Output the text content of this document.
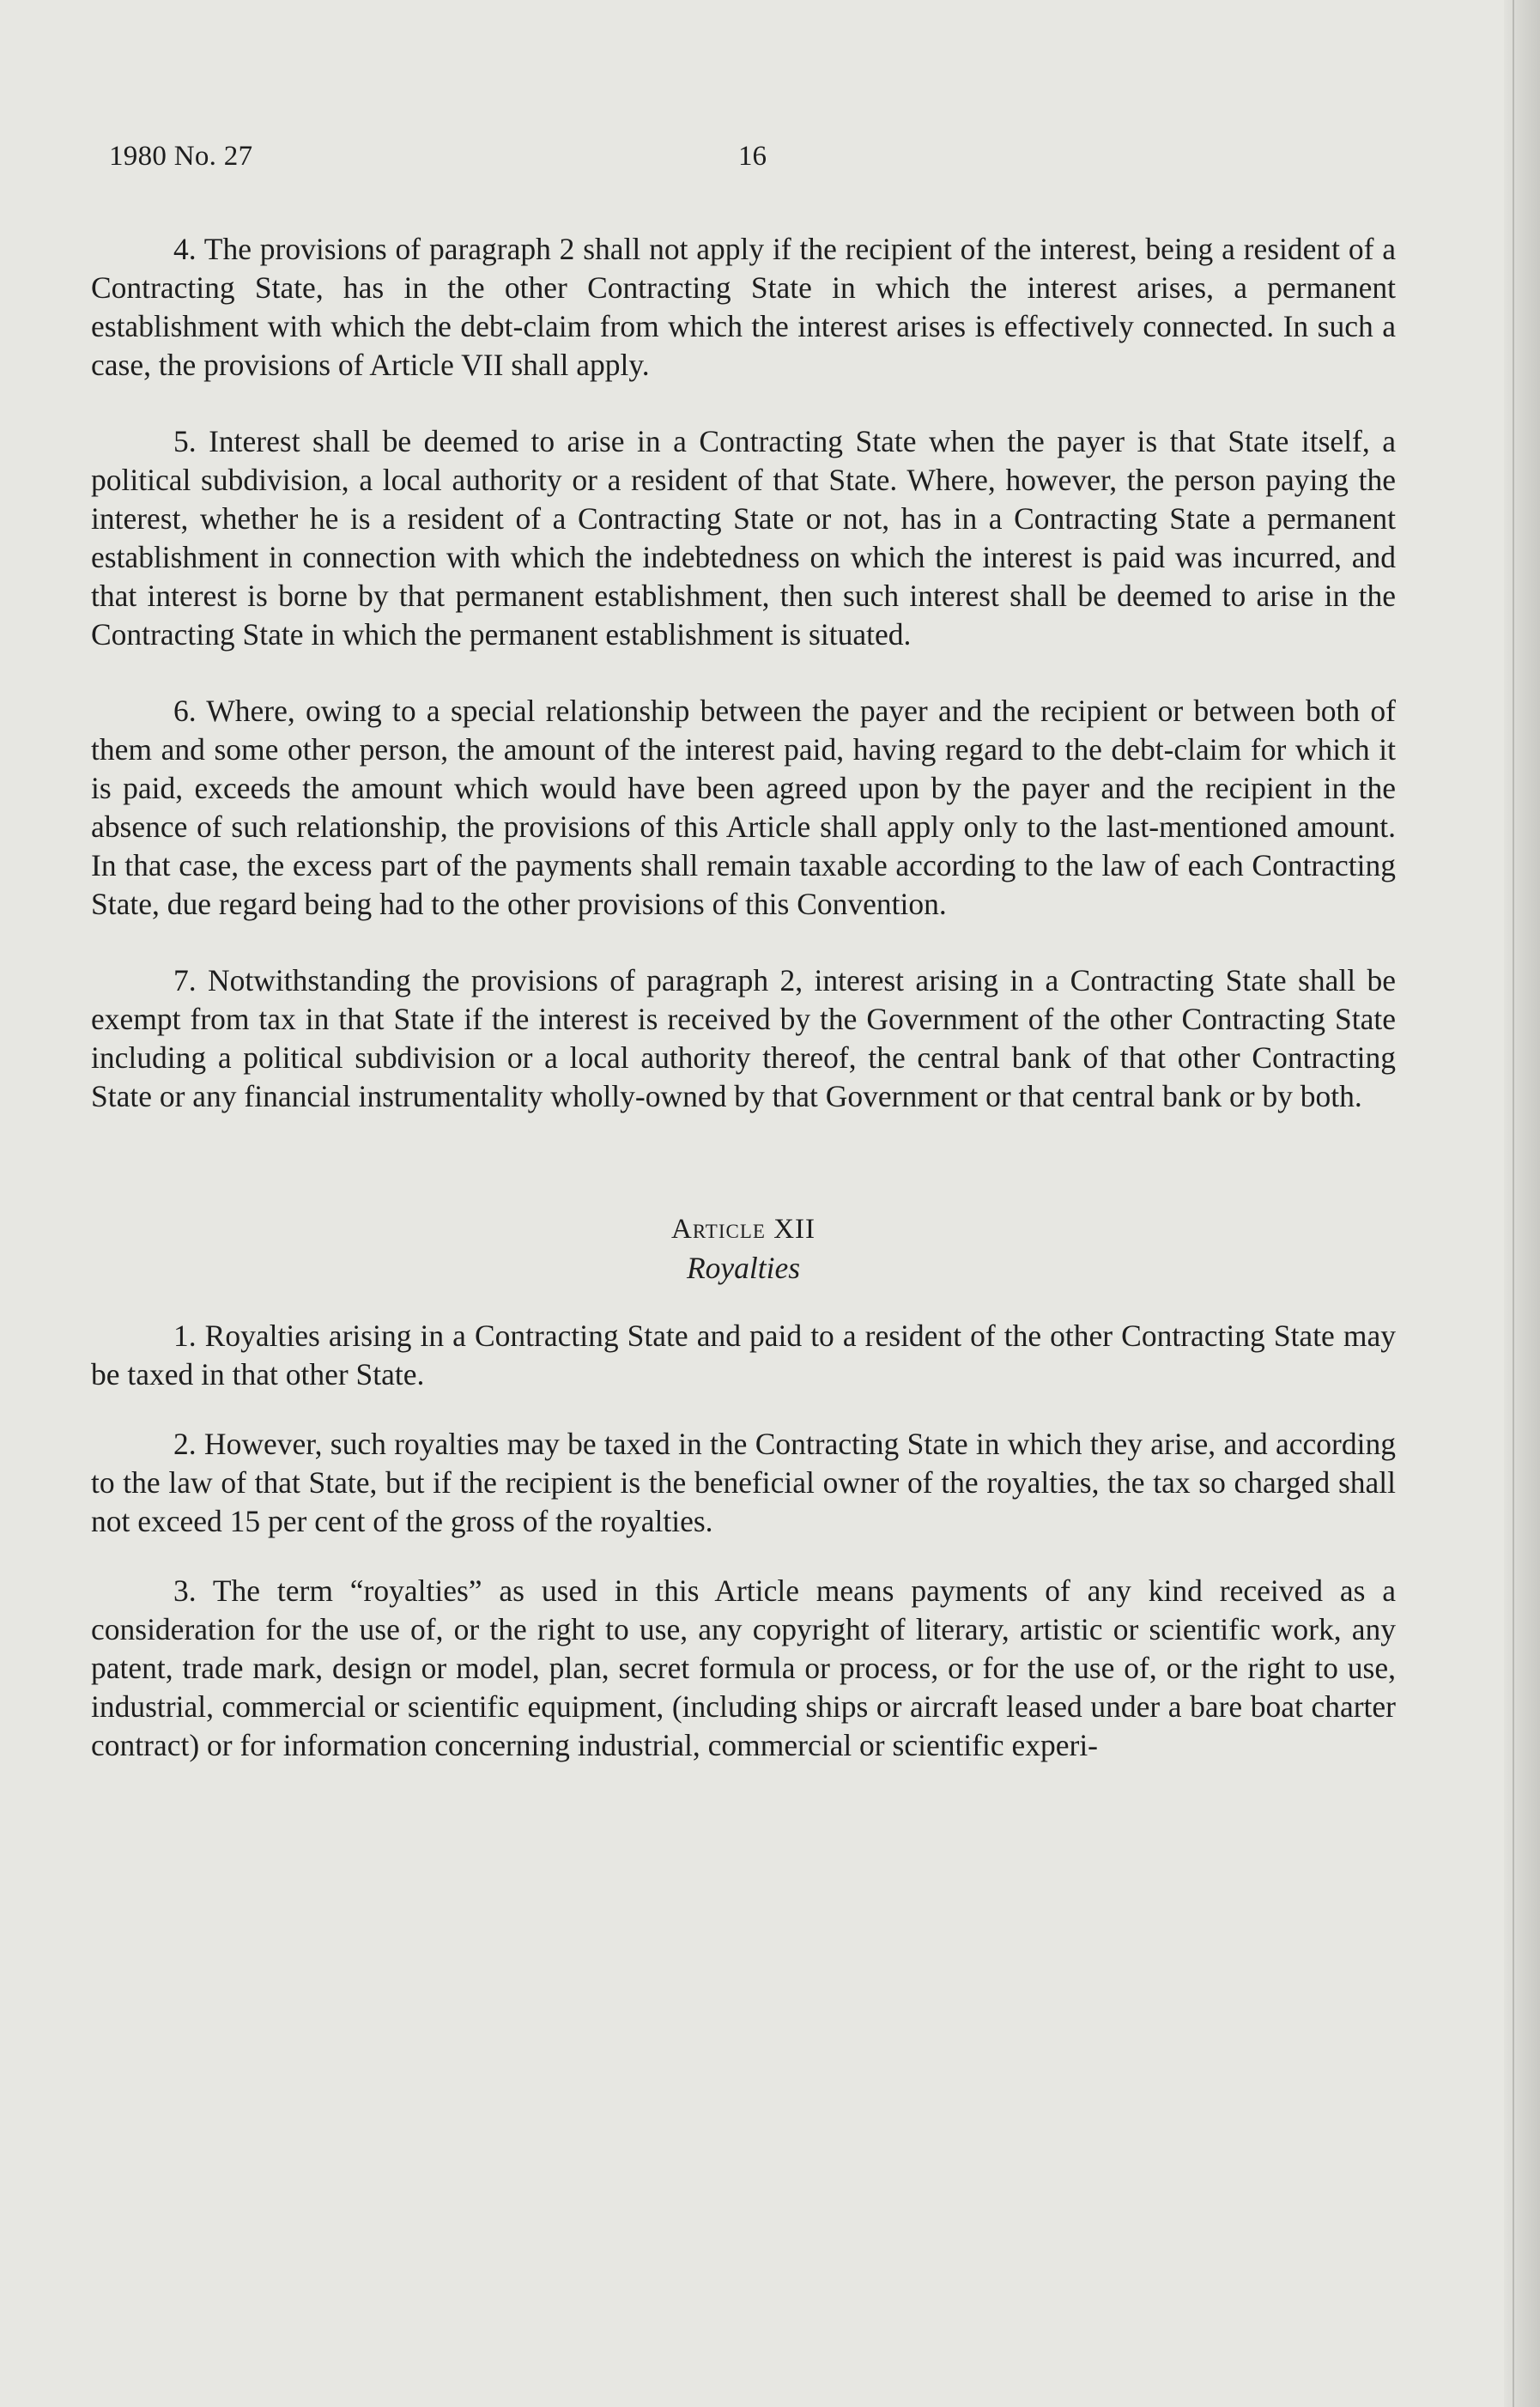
1980 No. 27	16

4. The provisions of paragraph 2 shall not apply if the recipient of the interest, being a resident of a Contracting State, has in the other Contracting State in which the interest arises, a permanent establishment with which the debt-claim from which the interest arises is effectively connected. In such a case, the provisions of Article VII shall apply.

5. Interest shall be deemed to arise in a Contracting State when the payer is that State itself, a political subdivision, a local authority or a resident of that State. Where, however, the person paying the interest, whether he is a resident of a Contracting State or not, has in a Contracting State a permanent establishment in connection with which the indebtedness on which the interest is paid was incurred, and that interest is borne by that permanent establishment, then such interest shall be deemed to arise in the Contracting State in which the permanent establishment is situated.

6. Where, owing to a special relationship between the payer and the recipient or between both of them and some other person, the amount of the interest paid, having regard to the debt-claim for which it is paid, exceeds the amount which would have been agreed upon by the payer and the recipient in the absence of such relationship, the provisions of this Article shall apply only to the last-mentioned amount. In that case, the excess part of the payments shall remain taxable according to the law of each Contracting State, due regard being had to the other provisions of this Convention.

7. Notwithstanding the provisions of paragraph 2, interest arising in a Contracting State shall be exempt from tax in that State if the interest is received by the Government of the other Contracting State including a political subdivision or a local authority thereof, the central bank of that other Contracting State or any financial instrumentality wholly-owned by that Government or that central bank or by both.

Article XII
Royalties

1. Royalties arising in a Contracting State and paid to a resident of the other Contracting State may be taxed in that other State.

2. However, such royalties may be taxed in the Contracting State in which they arise, and according to the law of that State, but if the recipient is the beneficial owner of the royalties, the tax so charged shall not exceed 15 per cent of the gross of the royalties.

3. The term “royalties” as used in this Article means payments of any kind received as a consideration for the use of, or the right to use, any copyright of literary, artistic or scientific work, any patent, trade mark, design or model, plan, secret formula or process, or for the use of, or the right to use, industrial, commercial or scientific equipment, (including ships or aircraft leased under a bare boat charter contract) or for information concerning industrial, commercial or scientific experi-
